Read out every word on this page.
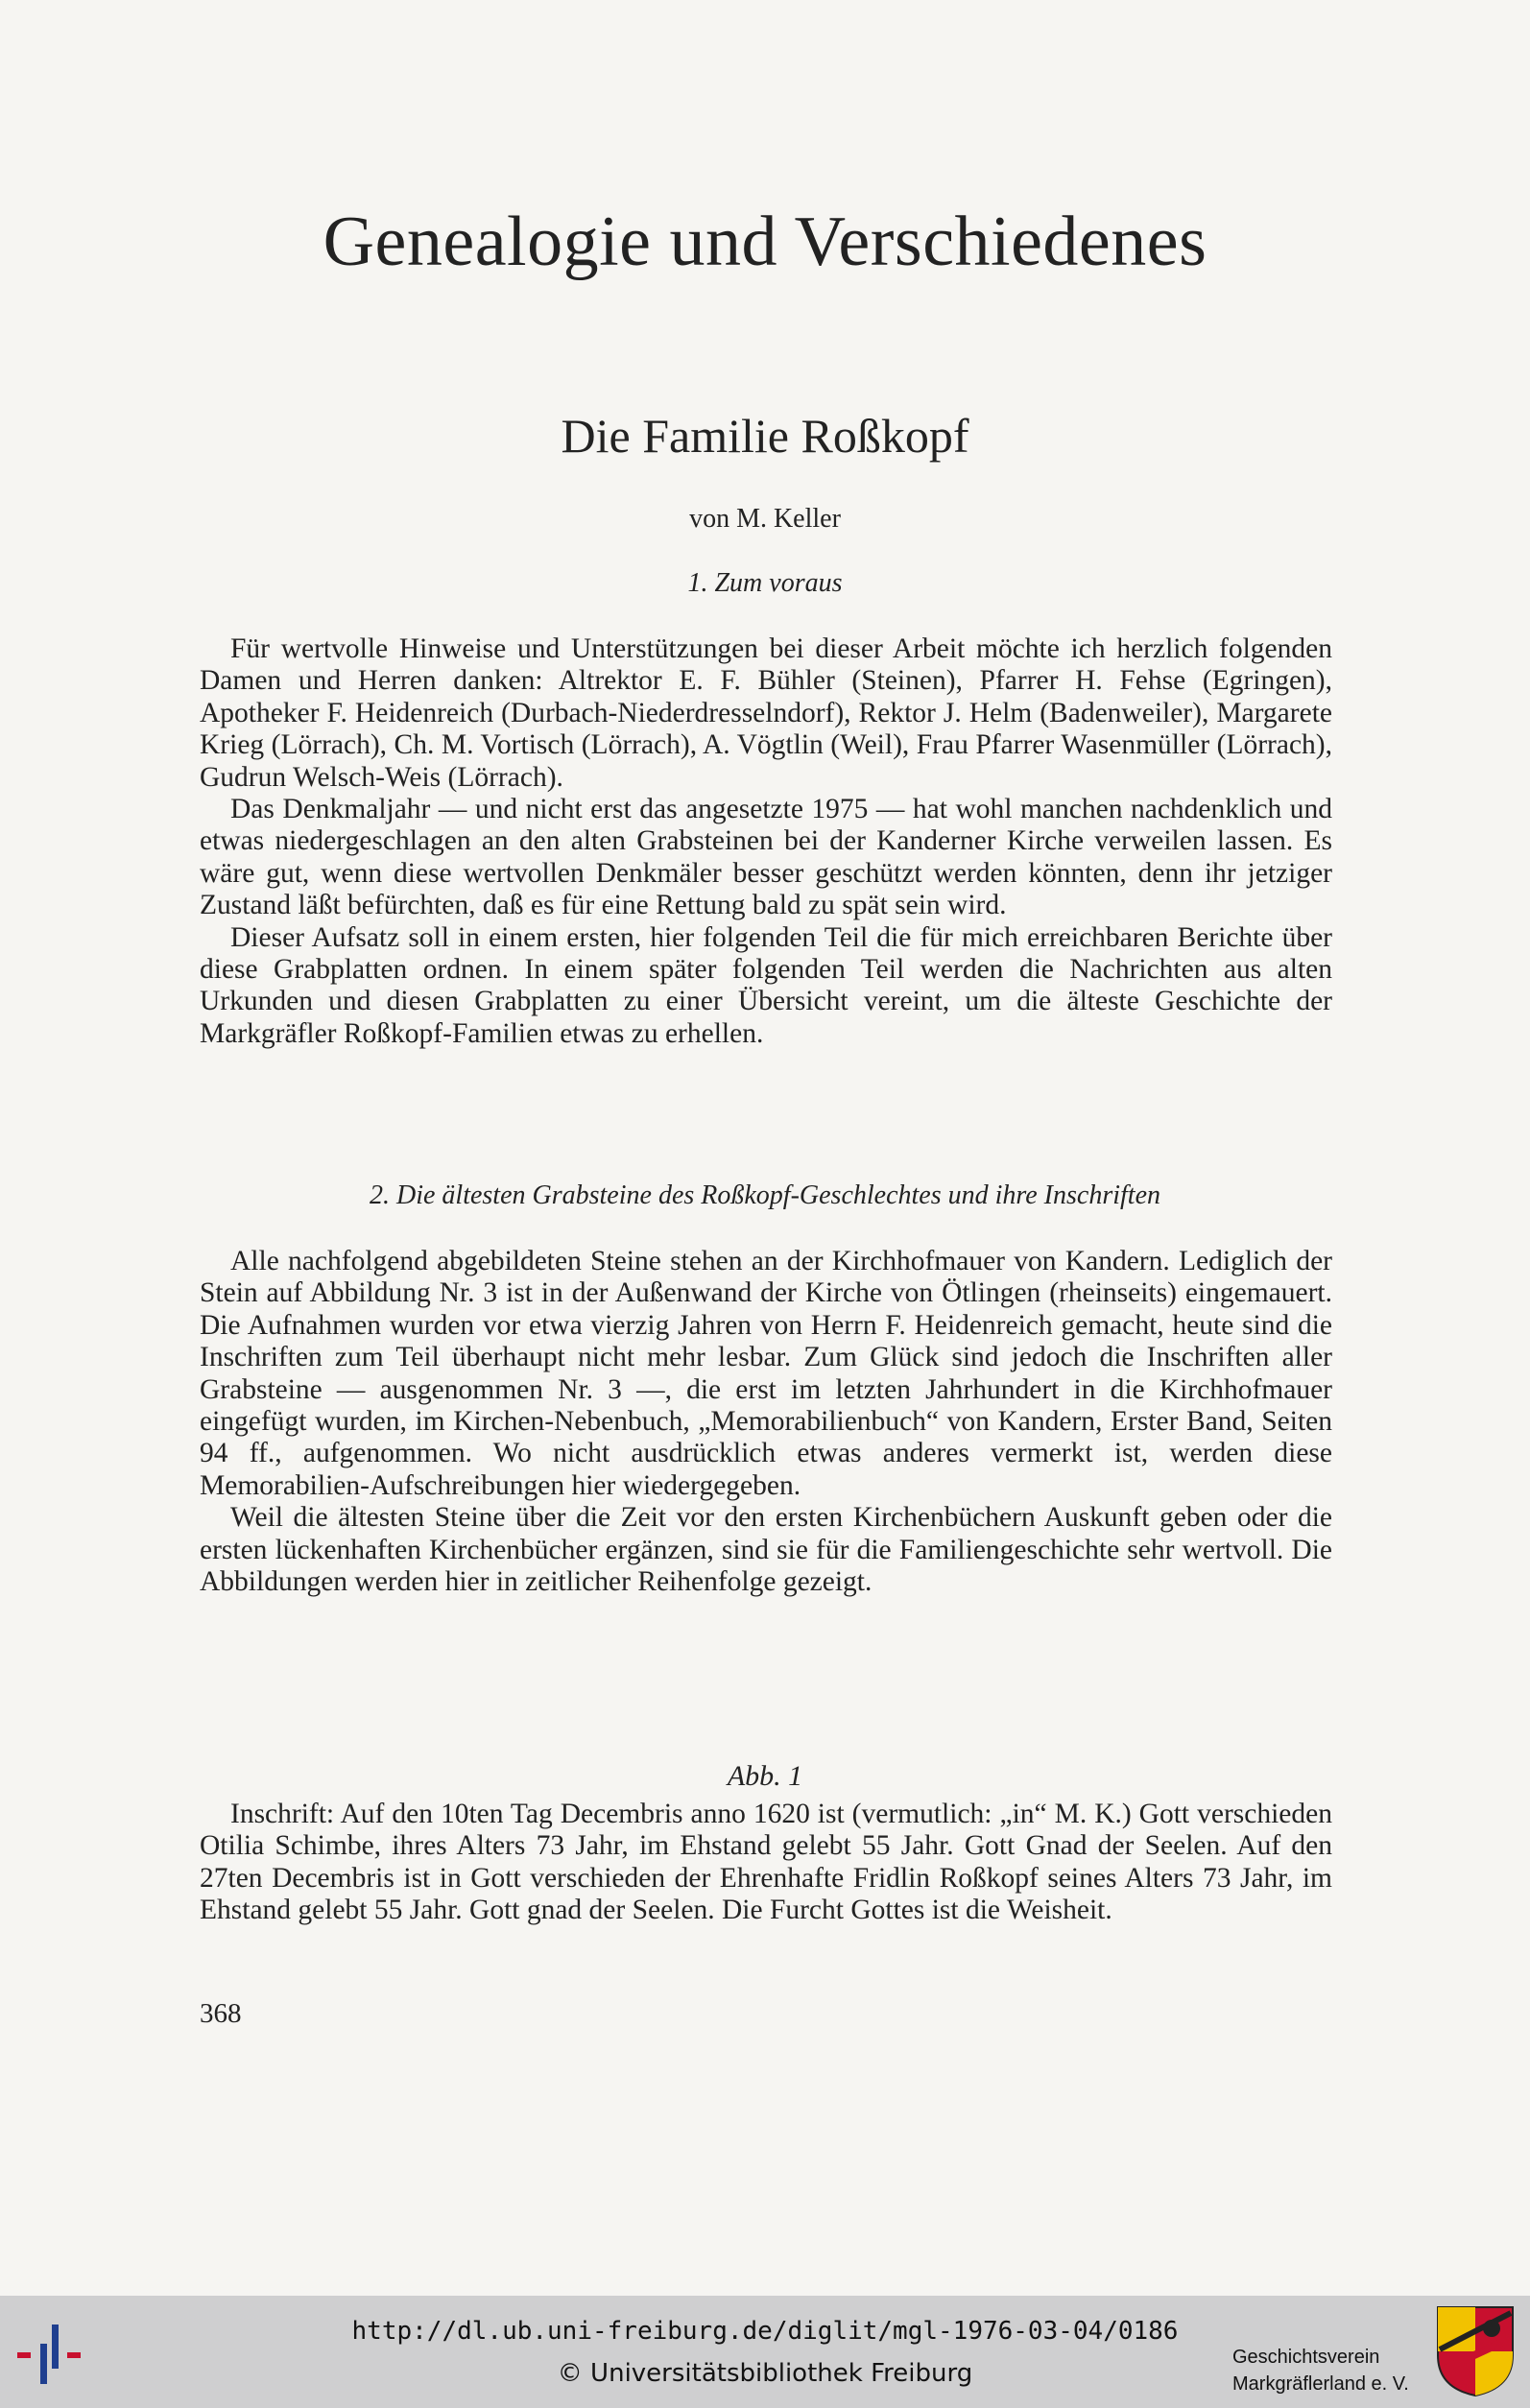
Genealogie und Verschiedenes
Die Familie Roßkopf
von M. Keller
1. Zum voraus

Für wertvolle Hinweise und Unterstützungen bei dieser Arbeit möchte ich herzlich folgenden Damen und Herren danken: Altrektor E. F. Bühler (Steinen), Pfarrer H. Fehse (Egringen), Apotheker F. Heidenreich (Durbach-Niederdresselndorf), Rektor J. Helm (Badenweiler), Margarete Krieg (Lörrach), Ch. M. Vortisch (Lörrach), A. Vögtlin (Weil), Frau Pfarrer Wasenmüller (Lörrach), Gudrun Welsch-Weis (Lörrach).

Das Denkmaljahr — und nicht erst das angesetzte 1975 — hat wohl manchen nachdenklich und etwas niedergeschlagen an den alten Grabsteinen bei der Kanderner Kirche verweilen lassen. Es wäre gut, wenn diese wertvollen Denkmäler besser geschützt werden könnten, denn ihr jetziger Zustand läßt befürchten, daß es für eine Rettung bald zu spät sein wird.

Dieser Aufsatz soll in einem ersten, hier folgenden Teil die für mich erreichbaren Berichte über diese Grabplatten ordnen. In einem später folgenden Teil werden die Nachrichten aus alten Urkunden und diesen Grabplatten zu einer Übersicht vereint, um die älteste Geschichte der Markgräfler Roßkopf-Familien etwas zu erhellen.

2. Die ältesten Grabsteine des Roßkopf-Geschlechtes und ihre Inschriften

Alle nachfolgend abgebildeten Steine stehen an der Kirchhofmauer von Kandern. Lediglich der Stein auf Abbildung Nr. 3 ist in der Außenwand der Kirche von Ötlingen (rheinseits) eingemauert. Die Aufnahmen wurden vor etwa vierzig Jahren von Herrn F. Heidenreich gemacht, heute sind die Inschriften zum Teil überhaupt nicht mehr lesbar. Zum Glück sind jedoch die Inschriften aller Grabsteine — ausgenommen Nr. 3 —, die erst im letzten Jahrhundert in die Kirchhofmauer eingefügt wurden, im Kirchen-Nebenbuch, „Memorabilienbuch“ von Kandern, Erster Band, Seiten 94 ff., aufgenommen. Wo nicht ausdrücklich etwas anderes vermerkt ist, werden diese Memorabilien-Aufschreibungen hier wiedergegeben.

Weil die ältesten Steine über die Zeit vor den ersten Kirchenbüchern Auskunft geben oder die ersten lückenhaften Kirchenbücher ergänzen, sind sie für die Familiengeschichte sehr wertvoll. Die Abbildungen werden hier in zeitlicher Reihenfolge gezeigt.

Abb. 1

Inschrift: Auf den 10ten Tag Decembris anno 1620 ist (vermutlich: „in“ M. K.) Gott verschieden Otilia Schimbe, ihres Alters 73 Jahr, im Ehstand gelebt 55 Jahr. Gott Gnad der Seelen. Auf den 27ten Decembris ist in Gott verschieden der Ehrenhafte Fridlin Roßkopf seines Alters 73 Jahr, im Ehstand gelebt 55 Jahr. Gott gnad der Seelen. Die Furcht Gottes ist die Weisheit.

368
http://dl.ub.uni-freiburg.de/diglit/mgl-1976-03-04/0186
© Universitätsbibliothek Freiburg
Geschichtsverein
Markgräflerland e. V.
